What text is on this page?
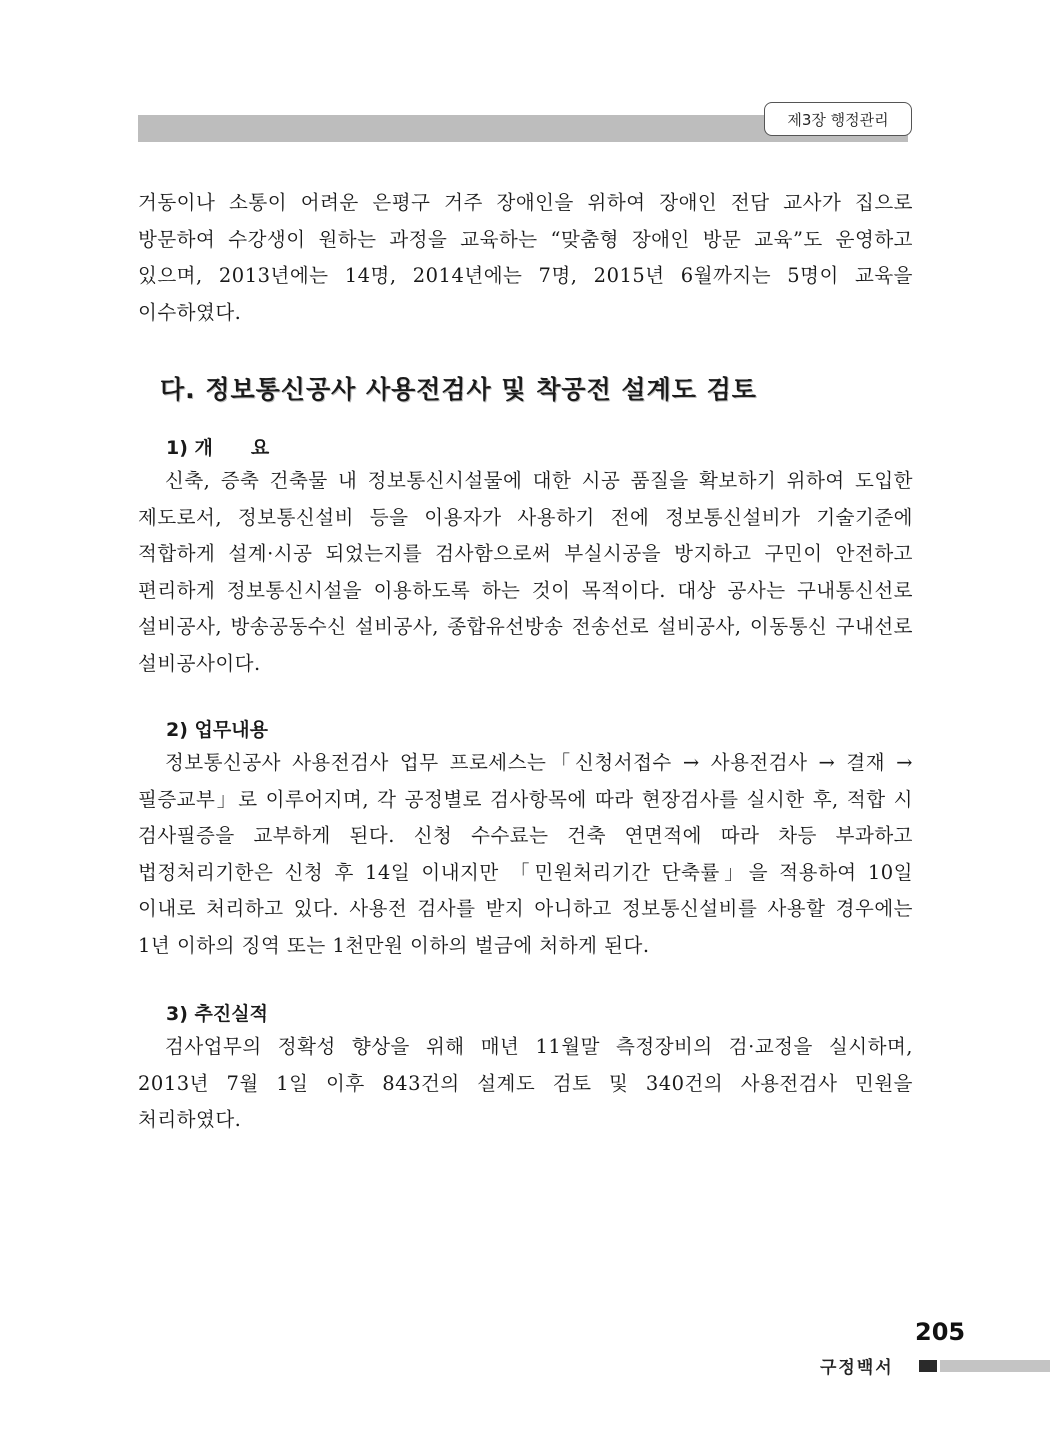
제3장 행정관리

거동이나 소통이 어려운 은평구 거주 장애인을 위하여 장애인 전담 교사가 집으로 방문하여 수강생이 원하는 과정을 교육하는 “맞춤형 장애인 방문 교육”도 운영하고 있으며, 2013년에는 14명, 2014년에는 7명, 2015년 6월까지는 5명이 교육을 이수하였다.

다. 정보통신공사 사용전검사 및 착공전 설계도 검토
1) 개　　요

신축, 증축 건축물 내 정보통신시설물에 대한 시공 품질을 확보하기 위하여 도입한 제도로서, 정보통신설비 등을 이용자가 사용하기 전에 정보통신설비가 기술기준에 적합하게 설계·시공 되었는지를 검사함으로써 부실시공을 방지하고 구민이 안전하고 편리하게 정보통신시설을 이용하도록 하는 것이 목적이다. 대상 공사는 구내통신선로 설비공사, 방송공동수신 설비공사, 종합유선방송 전송선로 설비공사, 이동통신 구내선로 설비공사이다.

2) 업무내용

정보통신공사 사용전검사 업무 프로세스는「신청서접수 → 사용전검사 → 결재 → 필증교부」로 이루어지며, 각 공정별로 검사항목에 따라 현장검사를 실시한 후, 적합 시 검사필증을 교부하게 된다. 신청 수수료는 건축 연면적에 따라 차등 부과하고 법정처리기한은 신청 후 14일 이내지만 「민원처리기간 단축률」을 적용하여 10일 이내로 처리하고 있다. 사용전 검사를 받지 아니하고 정보통신설비를 사용할 경우에는 1년 이하의 징역 또는 1천만원 이하의 벌금에 처하게 된다.

3) 추진실적

검사업무의 정확성 향상을 위해 매년 11월말 측정장비의 검·교정을 실시하며, 2013년 7월 1일 이후 843건의 설계도 검토 및 340건의 사용전검사 민원을 처리하였다.

205
구정백서
